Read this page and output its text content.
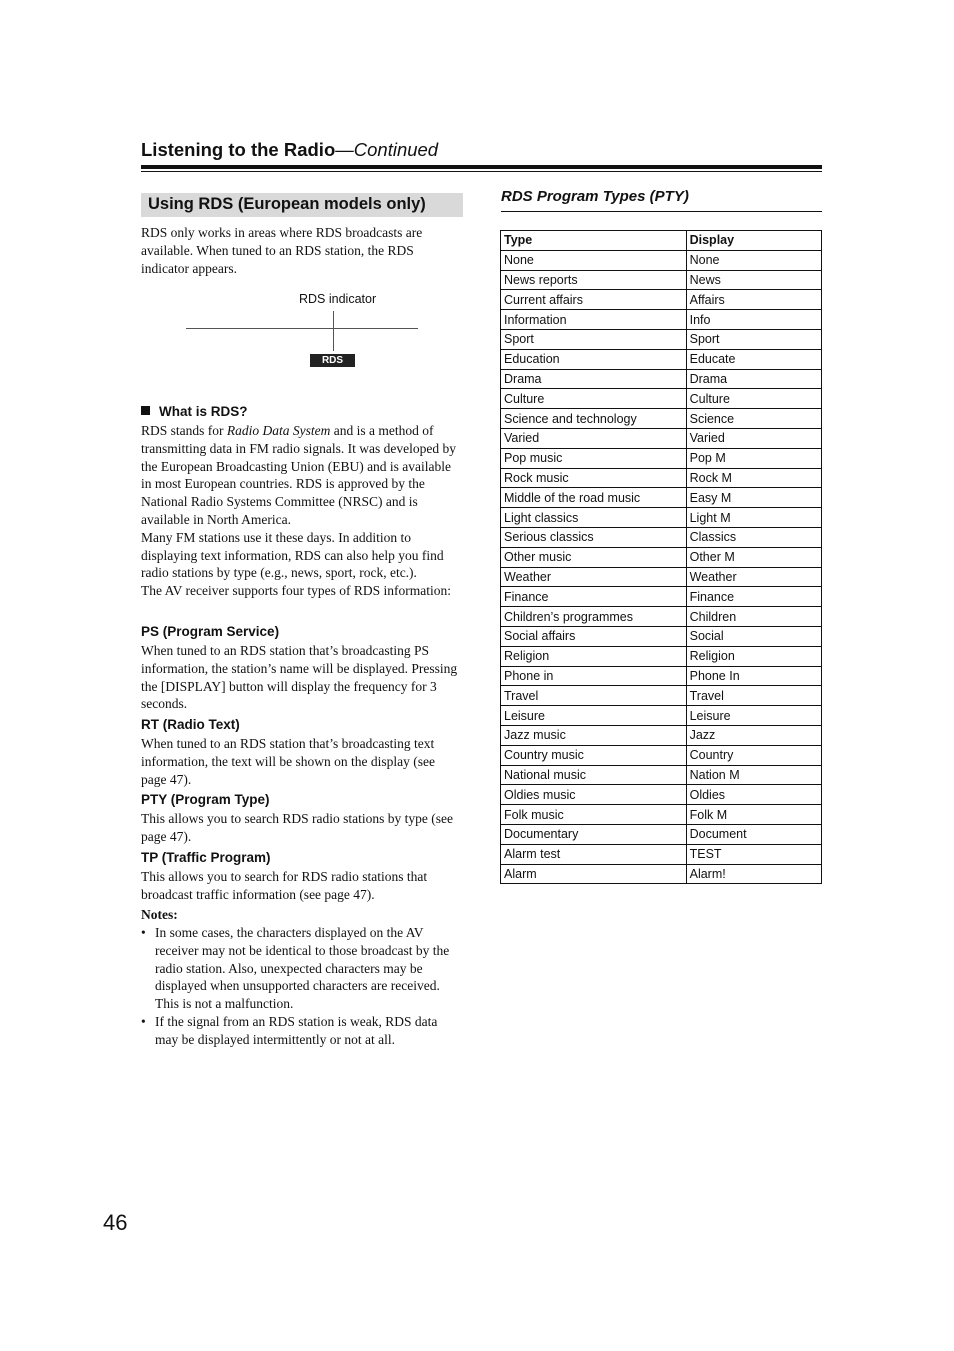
Listening to the Radio—Continued
Using RDS (European models only)
RDS only works in areas where RDS broadcasts are available. When tuned to an RDS station, the RDS indicator appears.
RDS indicator
RDS
What is RDS?

RDS stands for Radio Data System and is a method of transmitting data in FM radio signals. It was developed by the European Broadcasting Union (EBU) and is available in most European countries. RDS is approved by the National Radio Systems Committee (NRSC) and is available in North America.

Many FM stations use it these days. In addition to displaying text information, RDS can also help you find radio stations by type (e.g., news, sport, rock, etc.).

The AV receiver supports four types of RDS information:

PS (Program Service)
When tuned to an RDS station that’s broadcasting PS information, the station’s name will be displayed. Pressing the [DISPLAY] button will display the frequency for 3 seconds.
RT (Radio Text)
When tuned to an RDS station that’s broadcasting text information, the text will be shown on the display (see page 47).
PTY (Program Type)
This allows you to search RDS radio stations by type (see page 47).
TP (Traffic Program)
This allows you to search for RDS radio stations that broadcast traffic information (see page 47).
Notes:
• In some cases, the characters displayed on the AV receiver may not be identical to those broadcast by the radio station. Also, unexpected characters may be displayed when unsupported characters are received. This is not a malfunction.
• If the signal from an RDS station is weak, RDS data may be displayed intermittently or not at all.
RDS Program Types (PTY)
Type	Display
None	None
News reports	News
Current affairs	Affairs
Information	Info
Sport	Sport
Education	Educate
Drama	Drama
Culture	Culture
Science and technology	Science
Varied	Varied
Pop music	Pop M
Rock music	Rock M
Middle of the road music	Easy M
Light classics	Light M
Serious classics	Classics
Other music	Other M
Weather	Weather
Finance	Finance
Children’s programmes	Children
Social affairs	Social
Religion	Religion
Phone in	Phone In
Travel	Travel
Leisure	Leisure
Jazz music	Jazz
Country music	Country
National music	Nation M
Oldies music	Oldies
Folk music	Folk M
Documentary	Document
Alarm test	TEST
Alarm	Alarm!
46
